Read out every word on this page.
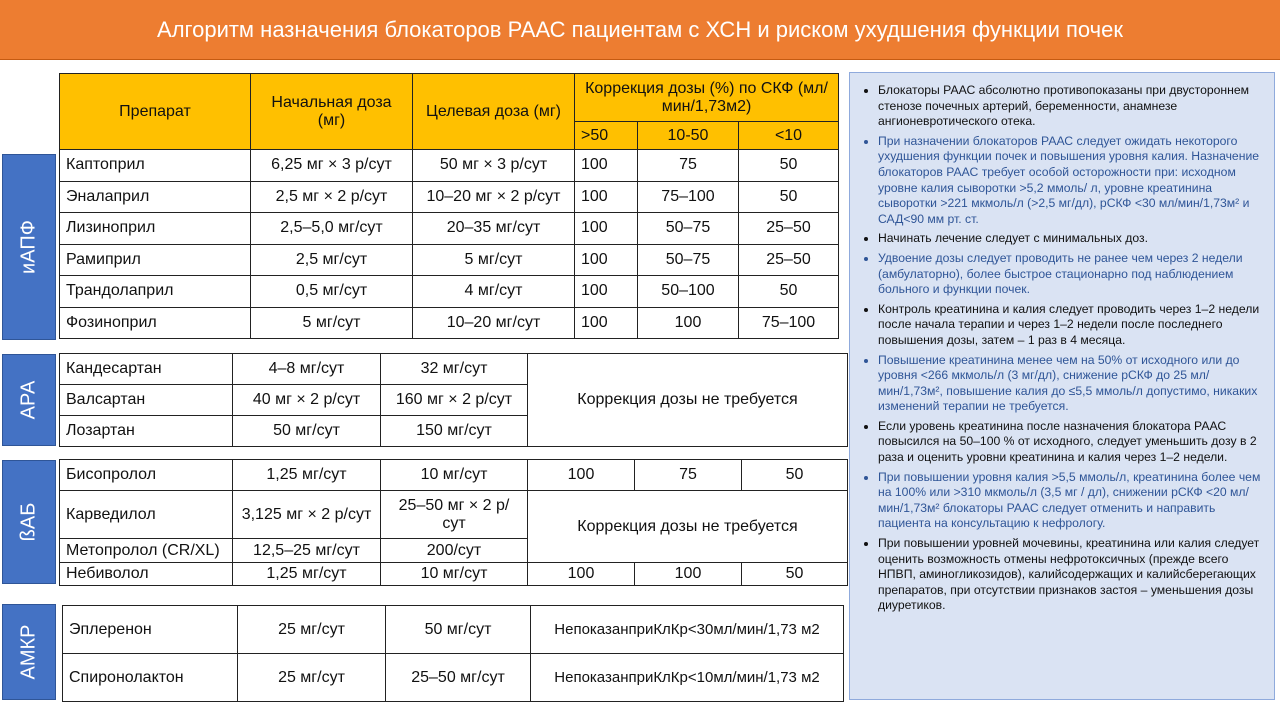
Алгоритм назначения блокаторов РААС пациентам с ХСН и риском ухудшения функции почек
иАПФ
АРА
ßАБ
АМКР
Препарат	Начальная доза (мг)	Целевая доза (мг)	Коррекция дозы (%) по СКФ (мл/мин/1,73м2)		
			>50	10-50	<10
Каптоприл	6,25 мг × 3 р/сут	50 мг × 3 р/сут	100	75	50
Эналаприл	2,5 мг × 2 р/сут	10–20 мг × 2 р/сут	100	75–100	50
Лизиноприл	2,5–5,0 мг/сут	20–35 мг/сут	100	50–75	25–50
Рамиприл	2,5 мг/сут	5 мг/сут	100	50–75	25–50
Трандолаприл	0,5 мг/сут	4 мг/сут	100	50–100	50
Фозиноприл	5 мг/сут	10–20 мг/сут	100	100	75–100
Кандесартан	4–8 мг/сут	32 мг/сут	Коррекция дозы не требуется
Валсартан	40 мг × 2 р/сут	160 мг × 2 р/сут	
Лозартан	50 мг/сут	150 мг/сут	
Бисопролол	1,25 мг/сут	10 мг/сут	100	75	50
Карведилол	3,125 мг × 2 р/сут	25–50 мг × 2 р/сут	Коррекция дозы не требуется		
Метопролол (CR/XL)	12,5–25 мг/сут	200/сут			
Небиволол	1,25 мг/сут	10 мг/сут	100	100	50
Эплеренон	25 мг/сут	50 мг/сут	НепоказанприКлКр<30мл/мин/1,73 м2
Спиронолактон	25 мг/сут	25–50 мг/сут	НепоказанприКлКр<10мл/мин/1,73 м2
• Блокаторы РААС абсолютно противопоказаны при двустороннем стенозе почечных артерий, беременности, анамнезе ангионевротического отека.
• При назначении блокаторов РААС следует ожидать некоторого ухудшения функции почек и повышения уровня калия. Назначение блокаторов РААС требует особой осторожности при: исходном уровне калия сыворотки >5,2 ммоль/ л, уровне креатинина сыворотки >221 мкмоль/л (>2,5 мг/дл), рСКФ <30 мл/мин/1,73м² и САД<90 мм рт. ст.
• Начинать лечение следует с минимальных доз.
• Удвоение дозы следует проводить не ранее чем через 2 недели (амбулаторно), более быстрое стационарно под наблюдением больного и функции почек.
• Контроль креатинина и калия следует проводить через 1–2 недели после начала терапии и через 1–2 недели после последнего повышения дозы, затем – 1 раз в 4 месяца.
• Повышение креатинина менее чем на 50% от исходного или до уровня <266 мкмоль/л (3 мг/дл), снижение рСКФ до 25 мл/мин/1,73м², повышение калия до ≤5,5 ммоль/л допустимо, никаких изменений терапии не требуется.
• Если уровень креатинина после назначения блокатора РААС повысился на 50–100 % от исходного, следует уменьшить дозу в 2 раза и оценить уровни креатинина и калия через 1–2 недели.
• При повышении уровня калия >5,5 ммоль/л, креатинина более чем на 100% или >310 мкмоль/л (3,5 мг / дл), снижении рСКФ <20 мл/мин/1,73м² блокаторы РААС следует отменить и направить пациента на консультацию к нефрологу.
• При повышении уровней мочевины, креатинина или калия следует оценить возможность отмены нефротоксичных (прежде всего НПВП, аминогликозидов), калийсодержащих и калийсберегающих препаратов, при отсутствии признаков застоя – уменьшения дозы диуретиков.
